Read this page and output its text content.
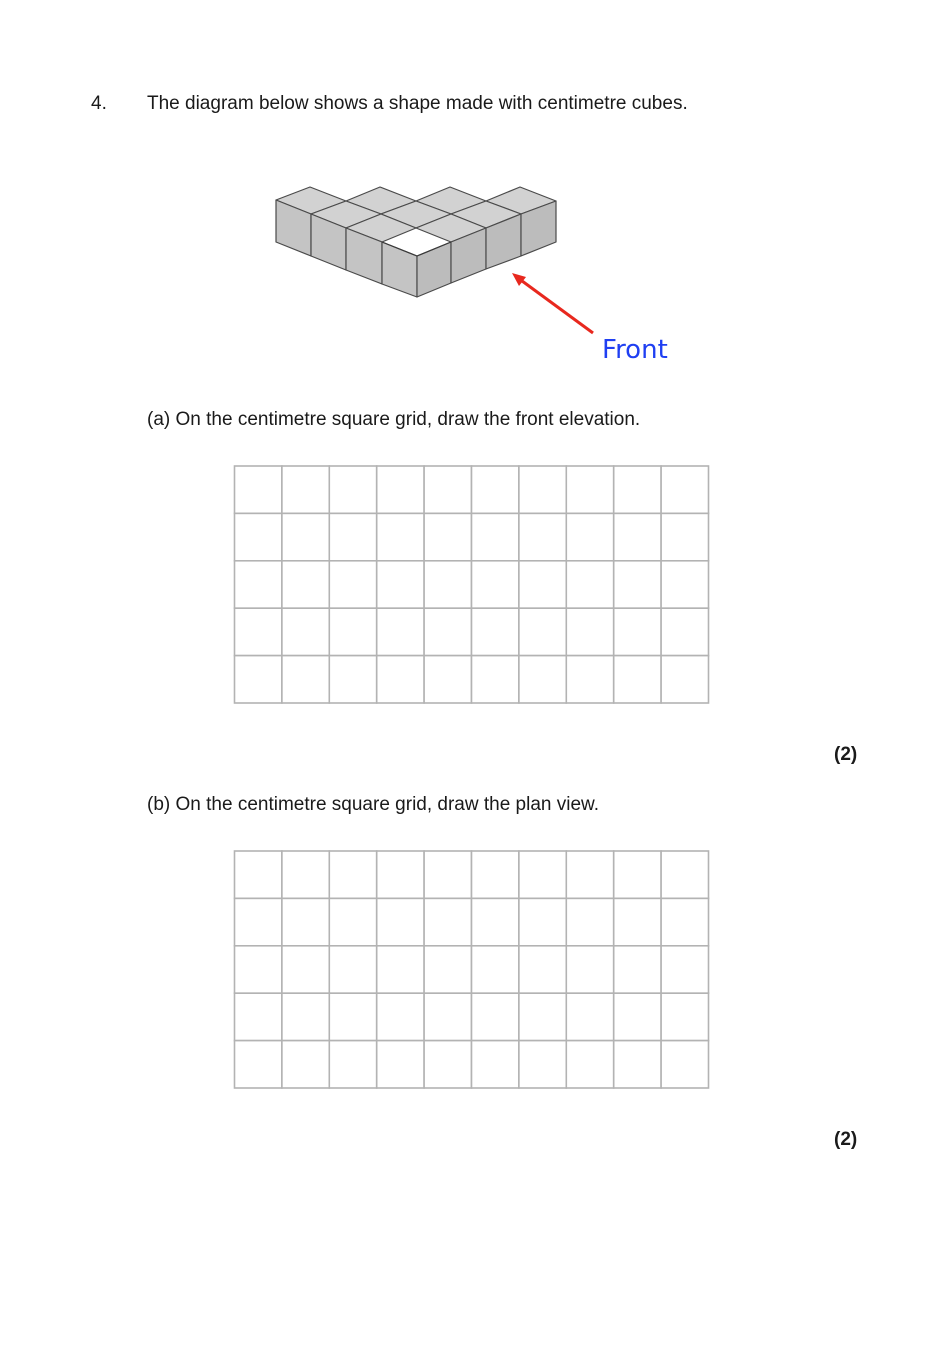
4. The diagram below shows a shape made with centimetre cubes.
Front
(a) On the centimetre square grid, draw the front elevation.
(2)
(b) On the centimetre square grid, draw the plan view.
(2)
